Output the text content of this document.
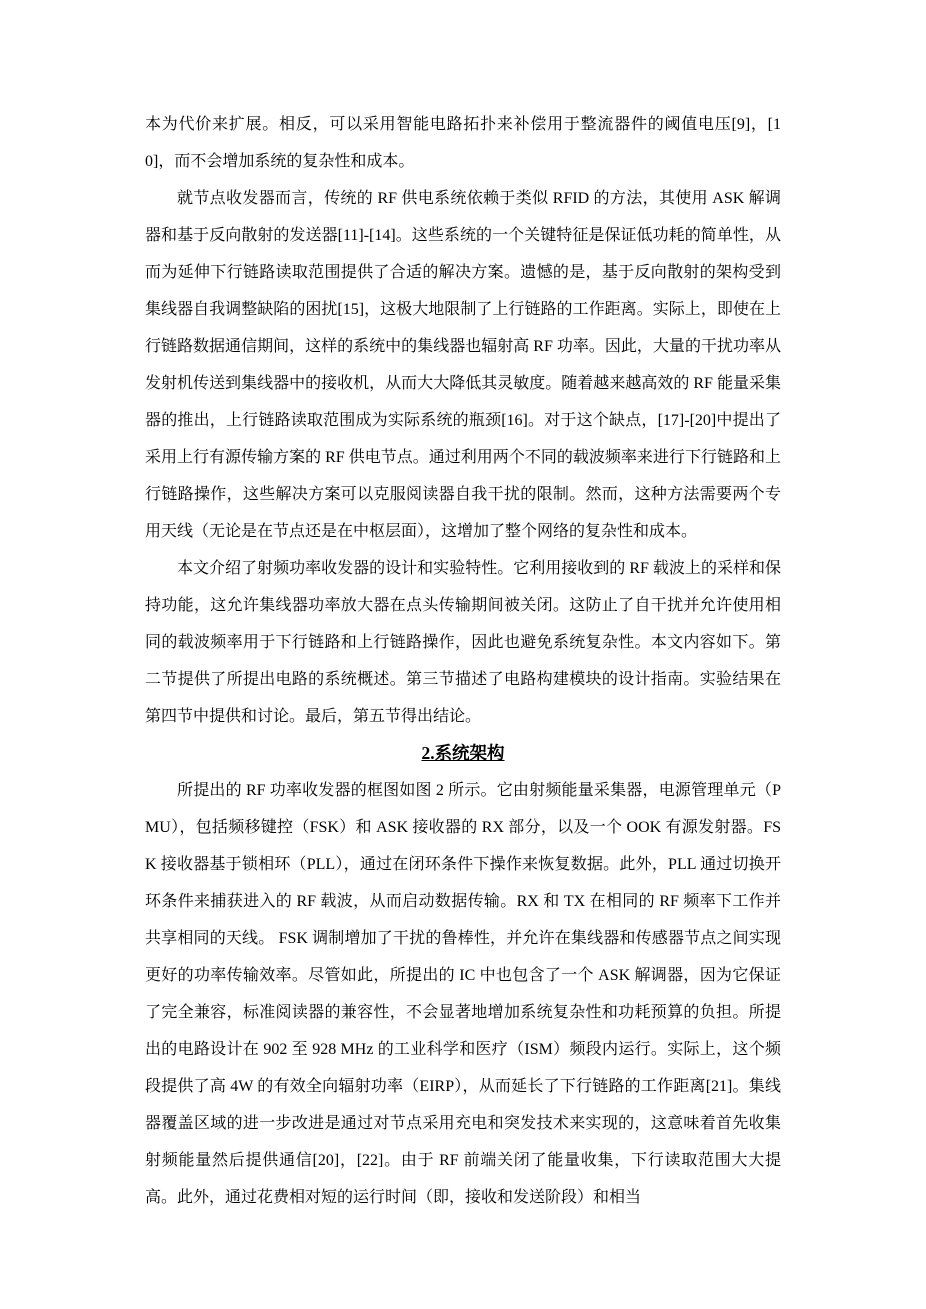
本为代价来扩展。相反，可以采用智能电路拓扑来补偿用于整流器件的阈值电压[9]，[10]，而不会增加系统的复杂性和成本。

就节点收发器而言，传统的 RF 供电系统依赖于类似 RFID 的方法，其使用 ASK 解调器和基于反向散射的发送器[11]-[14]。这些系统的一个关键特征是保证低功耗的简单性，从而为延伸下行链路读取范围提供了合适的解决方案。遗憾的是，基于反向散射的架构受到集线器自我调整缺陷的困扰[15]，这极大地限制了上行链路的工作距离。实际上，即使在上行链路数据通信期间，这样的系统中的集线器也辐射高 RF 功率。因此，大量的干扰功率从发射机传送到集线器中的接收机，从而大大降低其灵敏度。随着越来越高效的 RF 能量采集器的推出，上行链路读取范围成为实际系统的瓶颈[16]。对于这个缺点，[17]-[20]中提出了采用上行有源传输方案的 RF 供电节点。通过利用两个不同的载波频率来进行下行链路和上行链路操作，这些解决方案可以克服阅读器自我干扰的限制。然而，这种方法需要两个专用天线（无论是在节点还是在中枢层面），这增加了整个网络的复杂性和成本。

本文介绍了射频功率收发器的设计和实验特性。它利用接收到的 RF 载波上的采样和保持功能，这允许集线器功率放大器在点头传输期间被关闭。这防止了自干扰并允许使用相同的载波频率用于下行链路和上行链路操作，因此也避免系统复杂性。本文内容如下。第二节提供了所提出电路的系统概述。第三节描述了电路构建模块的设计指南。实验结果在第四节中提供和讨论。最后，第五节得出结论。

2.系统架构

所提出的 RF 功率收发器的框图如图 2 所示。它由射频能量采集器，电源管理单元（PMU），包括频移键控（FSK）和 ASK 接收器的 RX 部分，以及一个 OOK 有源发射器。FSK 接收器基于锁相环（PLL），通过在闭环条件下操作来恢复数据。此外，PLL 通过切换开环条件来捕获进入的 RF 载波，从而启动数据传输。RX 和 TX 在相同的 RF 频率下工作并共享相同的天线。 FSK 调制增加了干扰的鲁棒性，并允许在集线器和传感器节点之间实现更好的功率传输效率。尽管如此，所提出的 IC 中也包含了一个 ASK 解调器，因为它保证了完全兼容，标准阅读器的兼容性，不会显著地增加系统复杂性和功耗预算的负担。所提出的电路设计在 902 至 928 MHz 的工业科学和医疗（ISM）频段内运行。实际上，这个频段提供了高 4W 的有效全向辐射功率（EIRP），从而延长了下行链路的工作距离[21]。集线器覆盖区域的进一步改进是通过对节点采用充电和突发技术来实现的，这意味着首先收集射频能量然后提供通信[20]，[22]。由于 RF 前端关闭了能量收集，下行读取范围大大提高。此外，通过花费相对短的运行时间（即，接收和发送阶段）和相当
